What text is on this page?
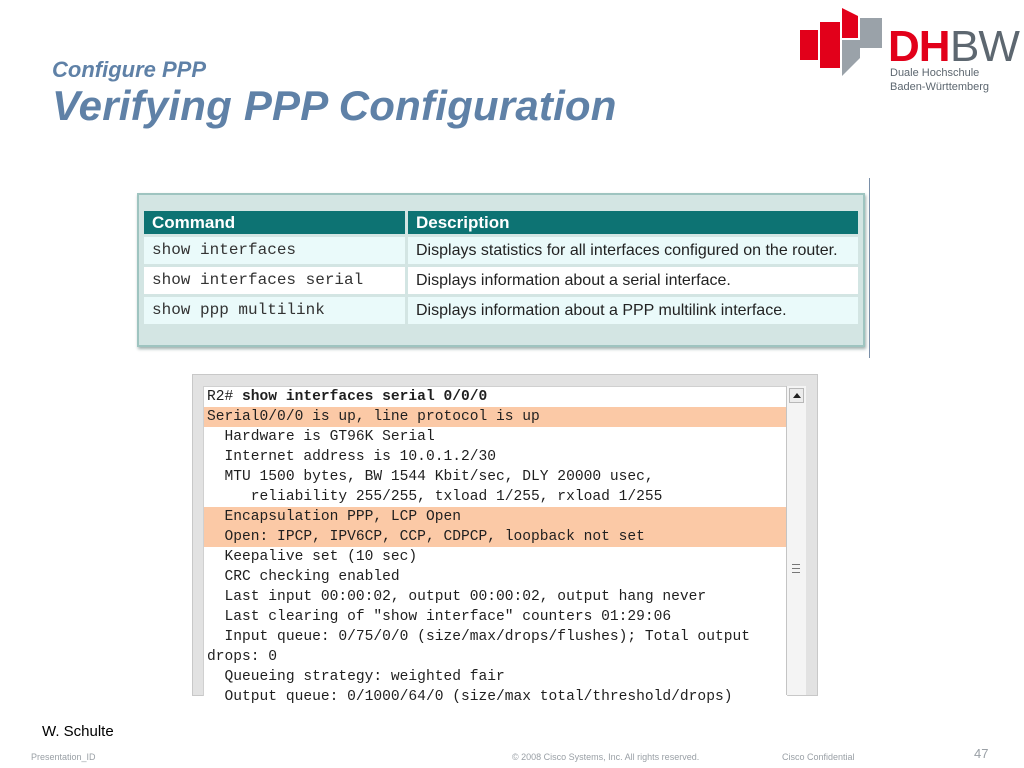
Configure PPP
Verifying PPP Configuration
DH BW
Duale Hochschule
Baden-Württemberg
Command	Description
show interfaces	Displays statistics for all interfaces configured on the router.
show interfaces serial	Displays information about a serial interface.
show ppp multilink	Displays information about a PPP multilink interface.
R2# show interfaces serial 0/0/0
Serial0/0/0 is up, line protocol is up
Hardware is GT96K Serial
Internet address is 10.0.1.2/30
MTU 1500 bytes, BW 1544 Kbit/sec, DLY 20000 usec,
reliability 255/255, txload 1/255, rxload 1/255
Encapsulation PPP, LCP Open
Open: IPCP, IPV6CP, CCP, CDPCP, loopback not set
Keepalive set (10 sec)
CRC checking enabled
Last input 00:00:02, output 00:00:02, output hang never
Last clearing of "show interface" counters 01:29:06
Input queue: 0/75/0/0 (size/max/drops/flushes); Total output
drops: 0
Queueing strategy: weighted fair
Output queue: 0/1000/64/0 (size/max total/threshold/drops)
W. Schulte
Presentation_ID	© 2008 Cisco Systems, Inc. All rights reserved.	Cisco Confidential	47
